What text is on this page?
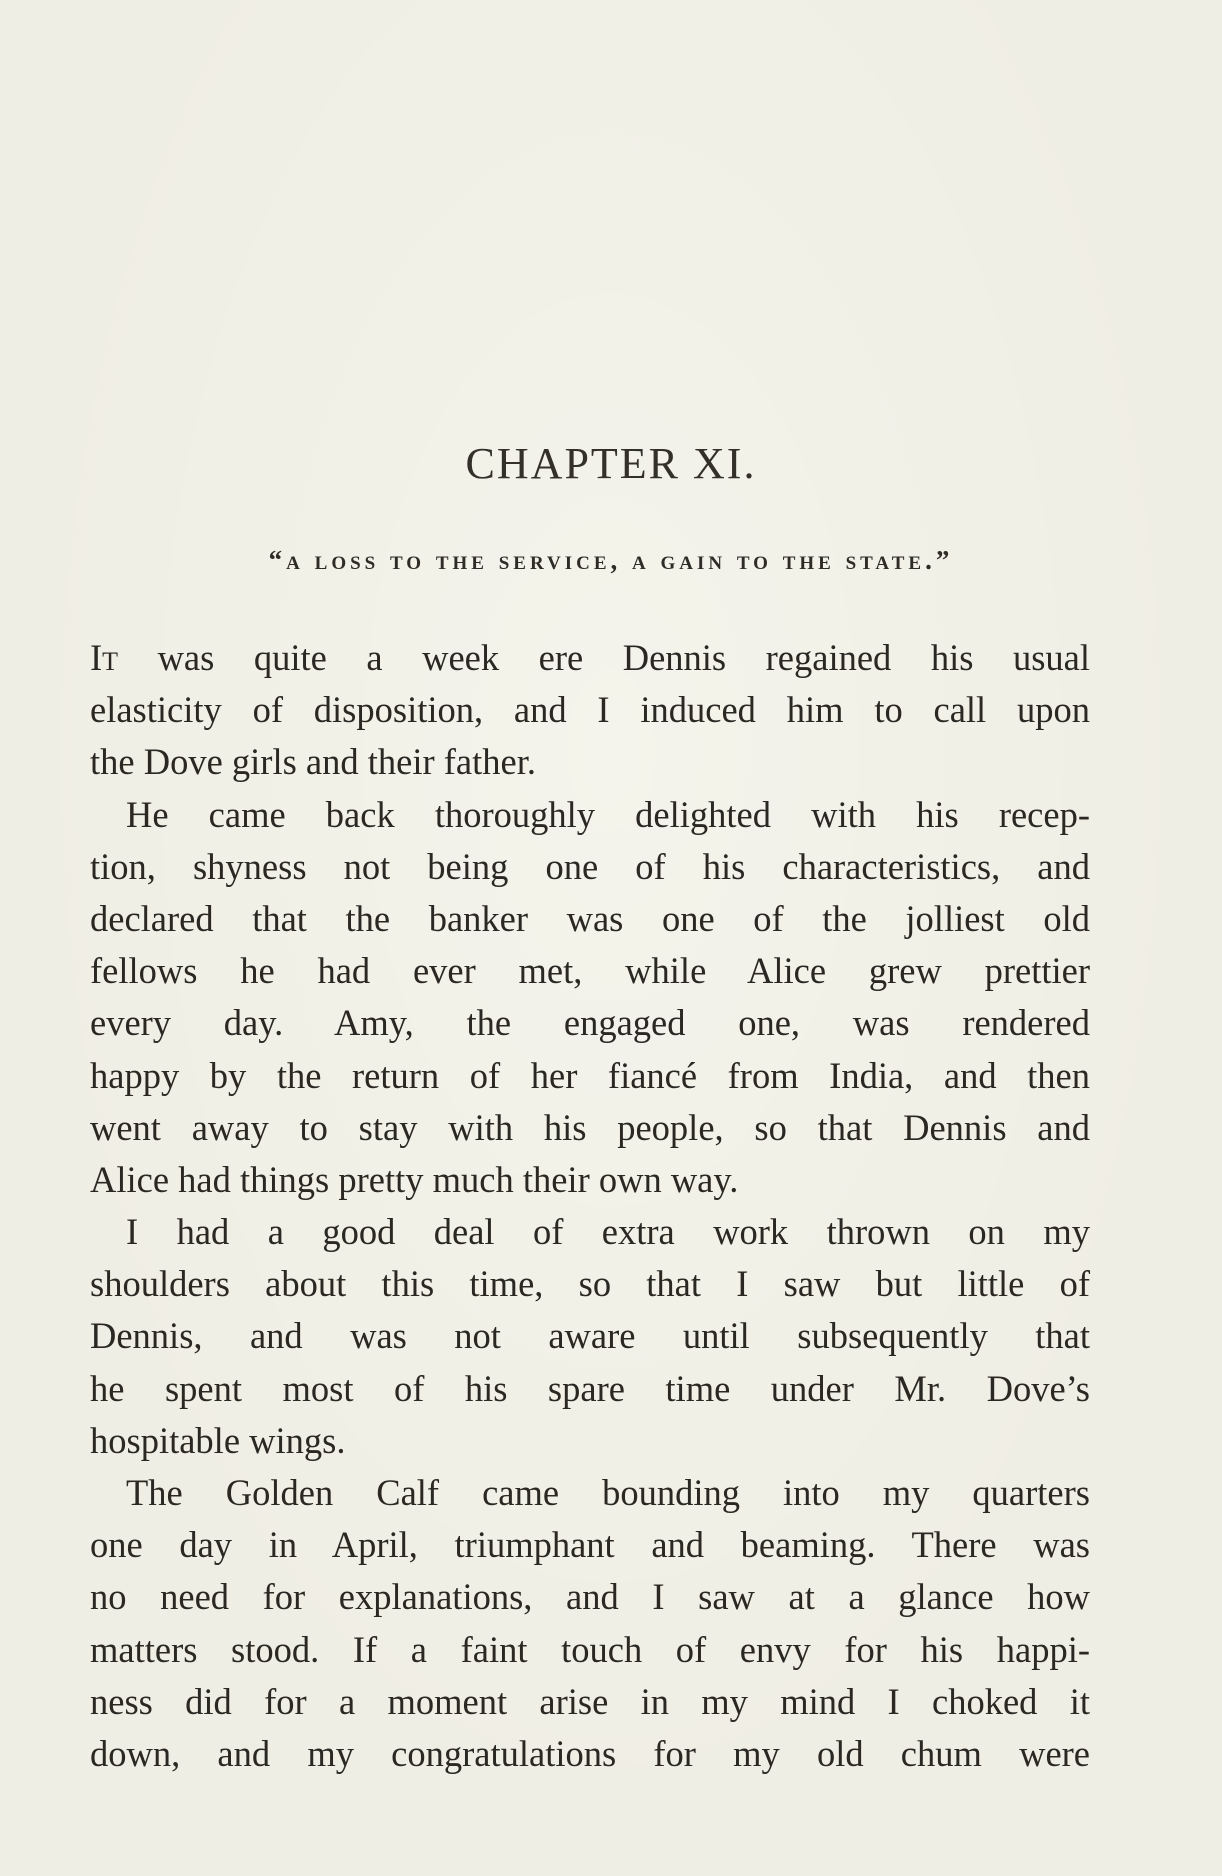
CHAPTER XI.
“a loss to the service, a gain to the state.”
It was quite a week ere Dennis regained his usual
elasticity of disposition, and I induced him to call upon
the Dove girls and their father.
He came back thoroughly delighted with his recep-
tion, shyness not being one of his characteristics, and
declared that the banker was one of the jolliest old
fellows he had ever met, while Alice grew prettier
every day. Amy, the engaged one, was rendered
happy by the return of her fiancé from India, and then
went away to stay with his people, so that Dennis and
Alice had things pretty much their own way.
I had a good deal of extra work thrown on my
shoulders about this time, so that I saw but little of
Dennis, and was not aware until subsequently that
he spent most of his spare time under Mr. Dove’s
hospitable wings.
The Golden Calf came bounding into my quarters
one day in April, triumphant and beaming. There was
no need for explanations, and I saw at a glance how
matters stood. If a faint touch of envy for his happi-
ness did for a moment arise in my mind I choked it
down, and my congratulations for my old chum were
